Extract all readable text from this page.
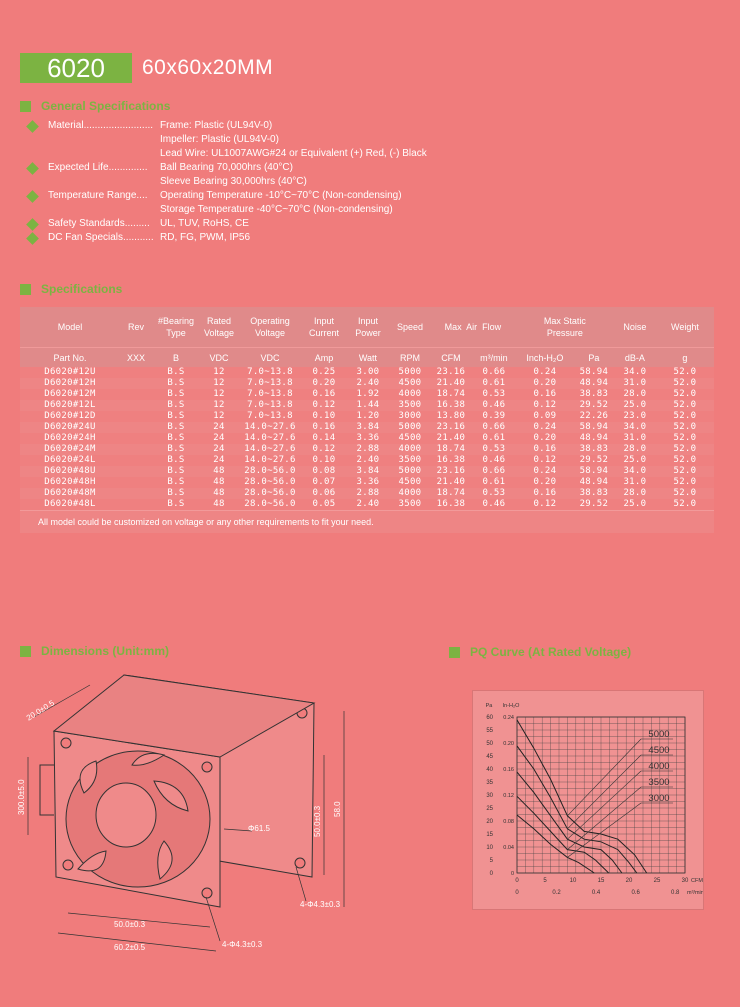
6020	60x60x20MM
General Specifications
Material......................... Frame: Plastic (UL94V-0)
Impeller: Plastic (UL94V-0)
Lead Wire: UL1007AWG#24 or Equivalent (+) Red, (-) Black
Expected Life..............	Ball Bearing 70,000hrs (40°C)
Sleeve Bearing 30,000hrs (40°C)
Temperature Range....	Operating Temperature -10°C~70°C (Non-condensing)
Storage Temperature -40°C~70°C (Non-condensing)
Safety Standards.........	UL, TUV, RoHS, CE
DC Fan Specials........... RD, FG, PWM, IP56
Specifications
Model	Rev	#Bearing Type	Rated Voltage	Operating Voltage	Input Current	Input Power	Speed	Max  Air  Flow		Max Static Pressure		Noise	Weight
Part No.	XXX	B	VDC	VDC	Amp	Watt	RPM	CFM	m³/min	Inch-H₂O	Pa	dB-A	g
D6020#12U		B.S	12	7.0~13.8	0.25	3.00	5000	23.16	0.66	0.24	58.94	34.0	52.0
D6020#12H		B.S	12	7.0~13.8	0.20	2.40	4500	21.40	0.61	0.20	48.94	31.0	52.0
D6020#12M		B.S	12	7.0~13.8	0.16	1.92	4000	18.74	0.53	0.16	38.83	28.0	52.0
D6020#12L		B.S	12	7.0~13.8	0.12	1.44	3500	16.38	0.46	0.12	29.52	25.0	52.0
D6020#12D		B.S	12	7.0~13.8	0.10	1.20	3000	13.80	0.39	0.09	22.26	23.0	52.0
D6020#24U		B.S	24	14.0~27.6	0.16	3.84	5000	23.16	0.66	0.24	58.94	34.0	52.0
D6020#24H		B.S	24	14.0~27.6	0.14	3.36	4500	21.40	0.61	0.20	48.94	31.0	52.0
D6020#24M		B.S	24	14.0~27.6	0.12	2.88	4000	18.74	0.53	0.16	38.83	28.0	52.0
D6020#24L		B.S	24	14.0~27.6	0.10	2.40	3500	16.38	0.46	0.12	29.52	25.0	52.0
D6020#48U		B.S	48	28.0~56.0	0.08	3.84	5000	23.16	0.66	0.24	58.94	34.0	52.0
D6020#48H		B.S	48	28.0~56.0	0.07	3.36	4500	21.40	0.61	0.20	48.94	31.0	52.0
D6020#48M		B.S	48	28.0~56.0	0.06	2.88	4000	18.74	0.53	0.16	38.83	28.0	52.0
D6020#48L		B.S	48	28.0~56.0	0.05	2.40	3500	16.38	0.46	0.12	29.52	25.0	52.0
All model could be customized on voltage or any other requirements to fit your need.
Dimensions (Unit:mm)
20.0±0.5
300.0±5.0
Φ61.5	50.0±0.3 58.0
4-Φ4.3±0.3
50.0±0.3
60.2±0.5	4-Φ4.3±0.3
PQ Curve (At Rated Voltage)
0
5
10
15
20
25
30
35
40
45
50
55
60
0
0.04
0.08
0.12
0.16
0.20
0.24
Pa In-H₂O
0	5	10	15	20	25	30 CFM
0	0.2	0.4	0.6	0.8 m³/min
5000
4500
4000
3500
3000
